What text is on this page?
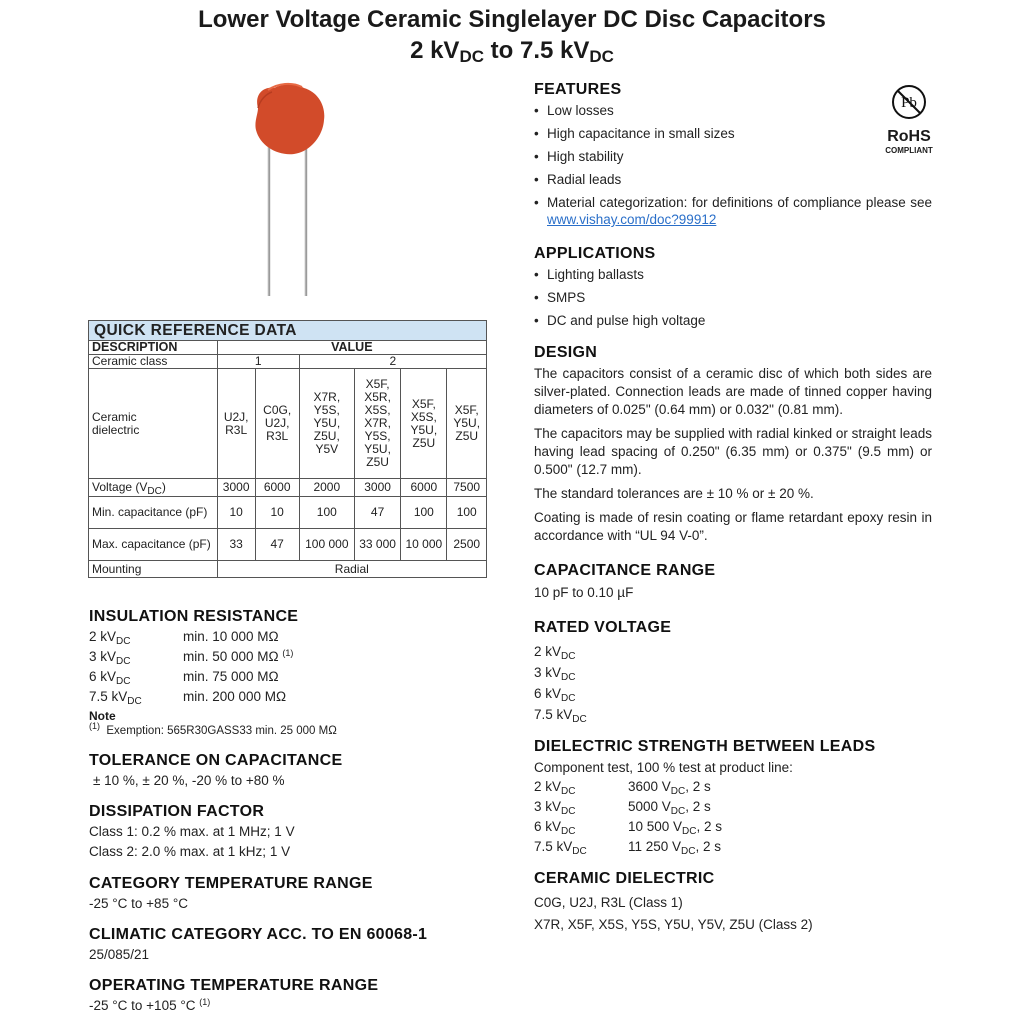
Lower Voltage Ceramic Singlelayer DC Disc Capacitors
2 $kV_{DC}$ to 7.5 $kV_{DC}$
Pb
RoHS
COMPLIANT

FEATURES

• Low losses
• High capacitance in small sizes
• High stability
• Radial leads
• Material categorization: for definitions of compliance please see www.vishay.com/doc?99912

APPLICATIONS

• Lighting ballasts
• SMPS
• DC and pulse high voltage

DESIGN

The capacitors consist of a ceramic disc of which both sides are silver-plated. Connection leads are made of tinned copper having diameters of 0.025" (0.64 mm) or 0.032" (0.81 mm).
The capacitors may be supplied with radial kinked or straight leads having lead spacing of 0.250" (6.35 mm) or 0.375" (9.5 mm) or 0.500" (12.7 mm).
The standard tolerances are ± 10 % or ± 20 %.
Coating is made of resin coating or flame retardant epoxy resin in accordance with “UL 94 V-0”.

CAPACITANCE RANGE

10 pF to 0.10 µF

RATED VOLTAGE

2 $kV_{DC}$
3 $kV_{DC}$
6 $kV_{DC}$
7.5 $kV_{DC}$

DIELECTRIC STRENGTH BETWEEN LEADS

Component test, 100 % test at product line:
2 $kV_{DC}$	3600 $V_{DC}$, 2 s
3 $kV_{DC}$	5000 $V_{DC}$, 2 s
6 $kV_{DC}$	10 500 $V_{DC}$, 2 s
7.5 $kV_{DC}$	11 250 $V_{DC}$, 2 s

CERAMIC DIELECTRIC

C0G, U2J, R3L (Class 1)
X7R, X5F, X5S, Y5S, Y5U, Y5V, Z5U (Class 2)
QUICK REFERENCE DATA						
DESCRIPTION	VALUE					
Ceramic class	1		2			
Ceramic dielectric	U2J, R3L	C0G, U2J, R3L	X7R, Y5S, Y5U, Z5U, Y5V	X5F, X5R, X5S, X7R, Y5S, Y5U, Z5U	X5F, X5S, Y5U, Z5U	X5F, Y5U, Z5U
Voltage $(V_{DC})$	3000	6000	2000	3000	6000	7500
Min. capacitance (pF)	10	10	100	47	100	100
Max. capacitance (pF)	33	47	100 000	33 000	10 000	2500
Mounting	Radial					

INSULATION RESISTANCE

2 $kV_{DC}$	min. 10 000 MΩ
3 $kV_{DC}$	min. 50 000 MΩ $^{(1)}$
6 $kV_{DC}$	min. 75 000 MΩ
7.5 $kV_{DC}$	min. 200 000 MΩ
Note
$^{(1)}$ Exemption: 565R30GASS33 min. 25 000 MΩ

TOLERANCE ON CAPACITANCE

± 10 %, ± 20 %, -20 % to +80 %

DISSIPATION FACTOR

Class 1: 0.2 % max. at 1 MHz; 1 V
Class 2: 2.0 % max. at 1 kHz; 1 V

CATEGORY TEMPERATURE RANGE

-25 °C to +85 °C

CLIMATIC CATEGORY ACC. TO EN 60068-1

25/085/21

OPERATING TEMPERATURE RANGE

-25 °C to +105 °C $^{(1)}$
